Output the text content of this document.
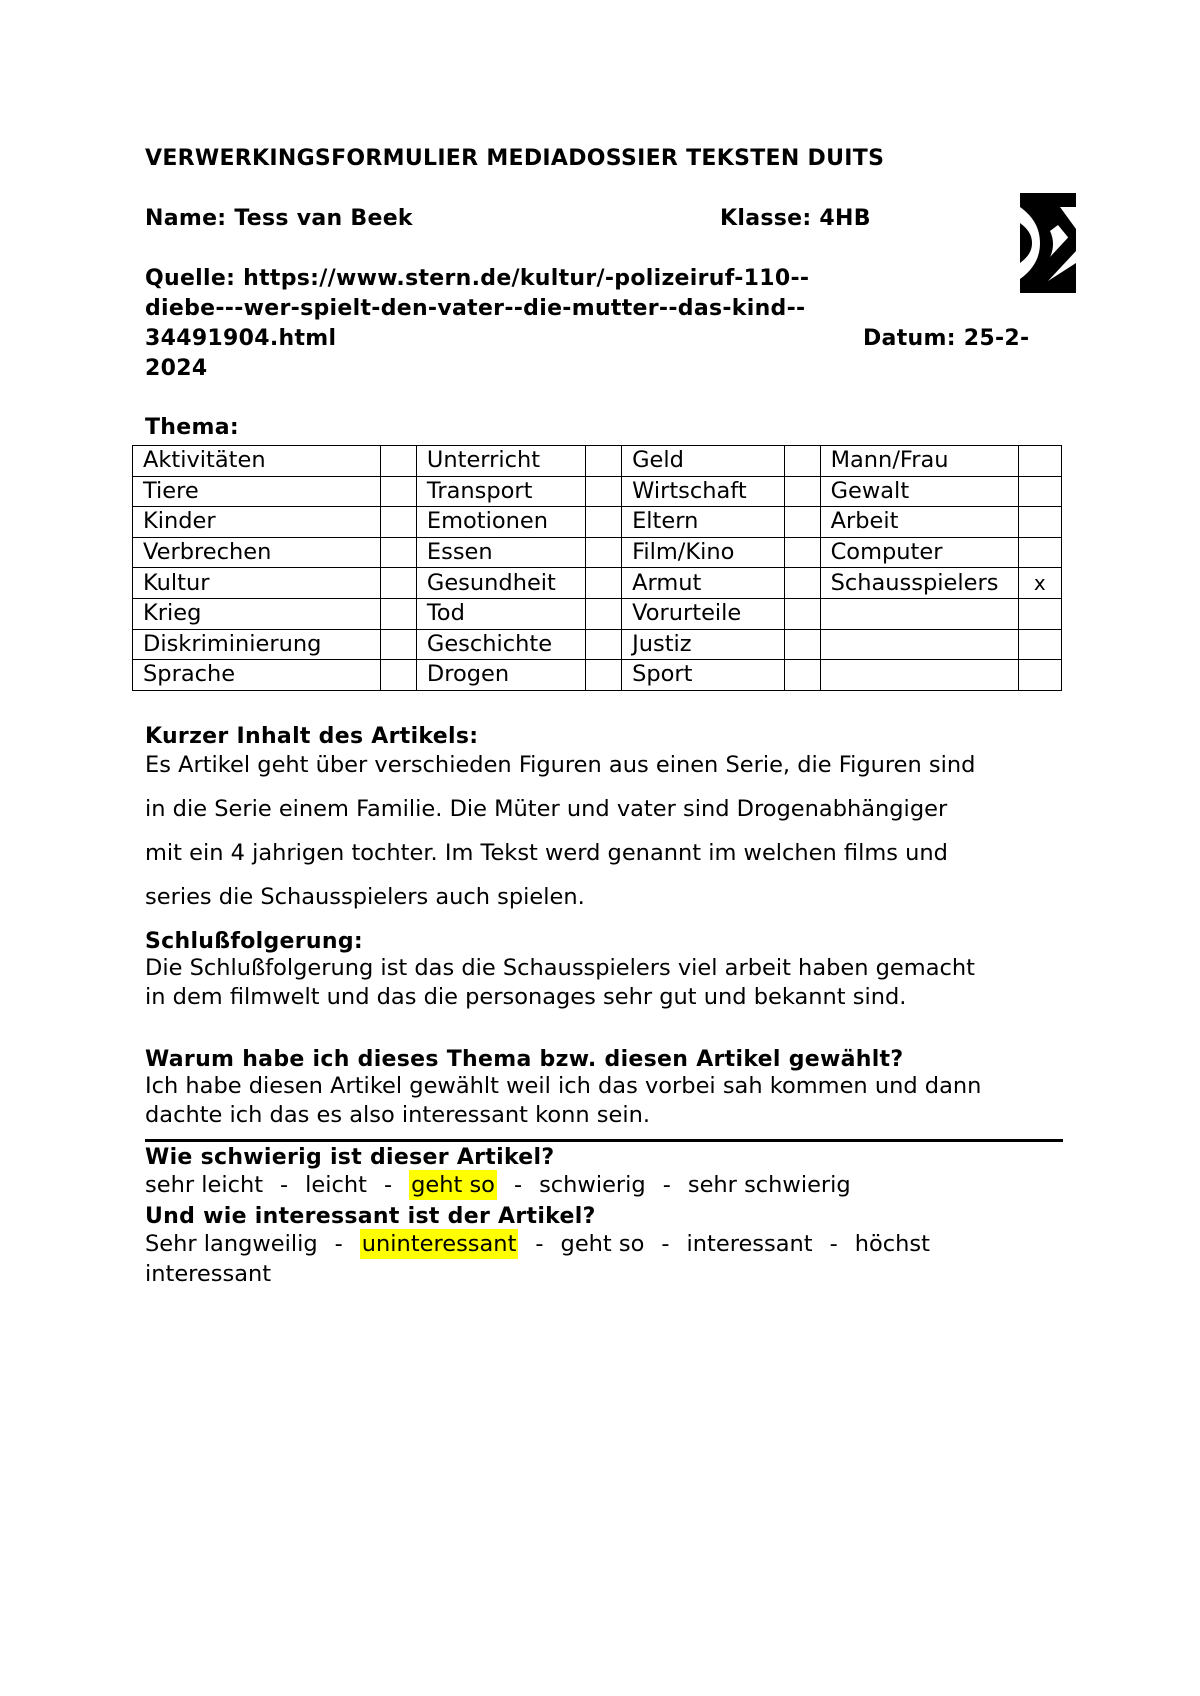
VERWERKINGSFORMULIER MEDIADOSSIER TEKSTEN DUITS
Name: Tess van Beek	Klasse: 4HB
Quelle: https://www.stern.de/kultur/-polizeiruf-110--
diebe---wer-spielt-den-vater--die-mutter--das-kind--
34491904.html
2024
Datum: 25-2-
Thema:
Aktivitäten		Unterricht		Geld		Mann/Frau	
Tiere		Transport		Wirtschaft		Gewalt	
Kinder		Emotionen		Eltern		Arbeit	
Verbrechen		Essen		Film/Kino		Computer	
Kultur		Gesundheit		Armut		Schausspielers	x
Krieg		Tod		Vorurteile			
Diskriminierung		Geschichte		Justiz			
Sprache		Drogen		Sport			
Kurzer Inhalt des Artikels:
Es Artikel geht über verschieden Figuren aus einen Serie, die Figuren sind
in die Serie einem Familie. Die Müter und vater sind Drogenabhängiger
mit ein 4 jahrigen tochter. Im Tekst werd genannt im welchen films und
series die Schausspielers auch spielen.
Schlußfolgerung:
Die Schlußfolgerung ist das die Schausspielers viel arbeit haben gemacht
in dem filmwelt und das die personages sehr gut und bekannt sind.
Warum habe ich dieses Thema bzw. diesen Artikel gewählt?
Ich habe diesen Artikel gewählt weil ich das vorbei sah kommen und dann
dachte ich das es also interessant konn sein.
Wie schwierig ist dieser Artikel?
sehr leicht - leicht - geht so - schwierig - sehr schwierig
Und wie interessant ist der Artikel?
Sehr langweilig - uninteressant - geht so - interessant - höchst
interessant
